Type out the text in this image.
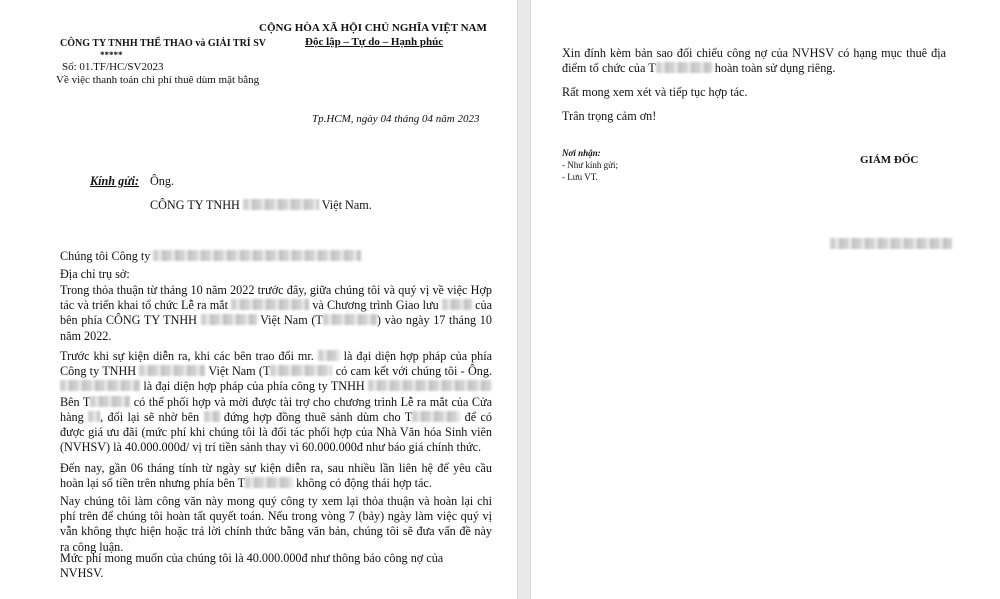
CỘNG HÒA XÃ HỘI CHỦ NGHĨA VIỆT NAM
Độc lập – Tự do – Hạnh phúc
CÔNG TY TNHH THỂ THAO và GIẢI TRÍ SV
*****
Số: 01.TF/HC/SV2023
Về việc thanh toán chi phí thuê dùm mặt bằng
Tp.HCM, ngày 04 tháng 04 năm 2023
Kính gửi: Ông.
CÔNG TY TNHH	Việt Nam.
Chúng tôi Công ty
Địa chỉ trụ sở:
Trong thỏa thuận từ tháng 10 năm 2022 trước đây, giữa chúng tôi và quý vị về việc Hợp tác và triển khai tổ chức Lễ ra mắt	và Chương trình Giao lưu	của bên phía CÔNG TY TNHH	Việt Nam (T	) vào ngày 17 tháng 10 năm 2022.
Trước khi sự kiện diễn ra, khi các bên trao đổi mr. là đại diện hợp pháp của phía Công ty TNHH	Việt Nam (T	có cam kết với chúng tôi - Ông.  là đại diện hợp pháp của phía công ty TNHH  Bên T	có thể phối hợp và mời được tài trợ cho chương trình Lễ ra mắt của Cửa hàng , đổi lại sẽ nhờ bên đứng hợp đồng thuê sảnh dùm cho T	để có được giá ưu đãi (mức phí khi chúng tôi là đối tác phối hợp của Nhà Văn hóa Sinh viên (NVHSV) là 40.000.000đ/ vị trí tiền sảnh thay vì 60.000.000đ như báo giá chính thức.
Đến nay, gần 06 tháng tính từ ngày sự kiện diễn ra, sau nhiều lần liên hệ để yêu cầu hoàn lại số tiền trên nhưng phía bên T	không có động thái hợp tác.
Nay chúng tôi làm công văn này mong quý công ty xem lại thỏa thuận và hoàn lại chi phí trên để chúng tôi hoàn tất quyết toán. Nếu trong vòng 7 (bảy) ngày làm việc quý vị vẫn không thực hiện hoặc trả lời chính thức bằng văn bản, chúng tôi sẽ đưa vấn đề này ra công luận.
Mức phí mong muốn của chúng tôi là 40.000.000đ như thông báo công nợ của NVHSV.
Xin đính kèm bản sao đối chiếu công nợ của NVHSV có hạng mục thuê địa điểm tổ chức của T	hoàn toàn sử dụng riêng.
Rất mong xem xét và tiếp tục hợp tác.
Trân trọng cảm ơn!
Nơi nhận:
- Như kính gửi;
- Lưu VT.
GIÁM ĐỐC
